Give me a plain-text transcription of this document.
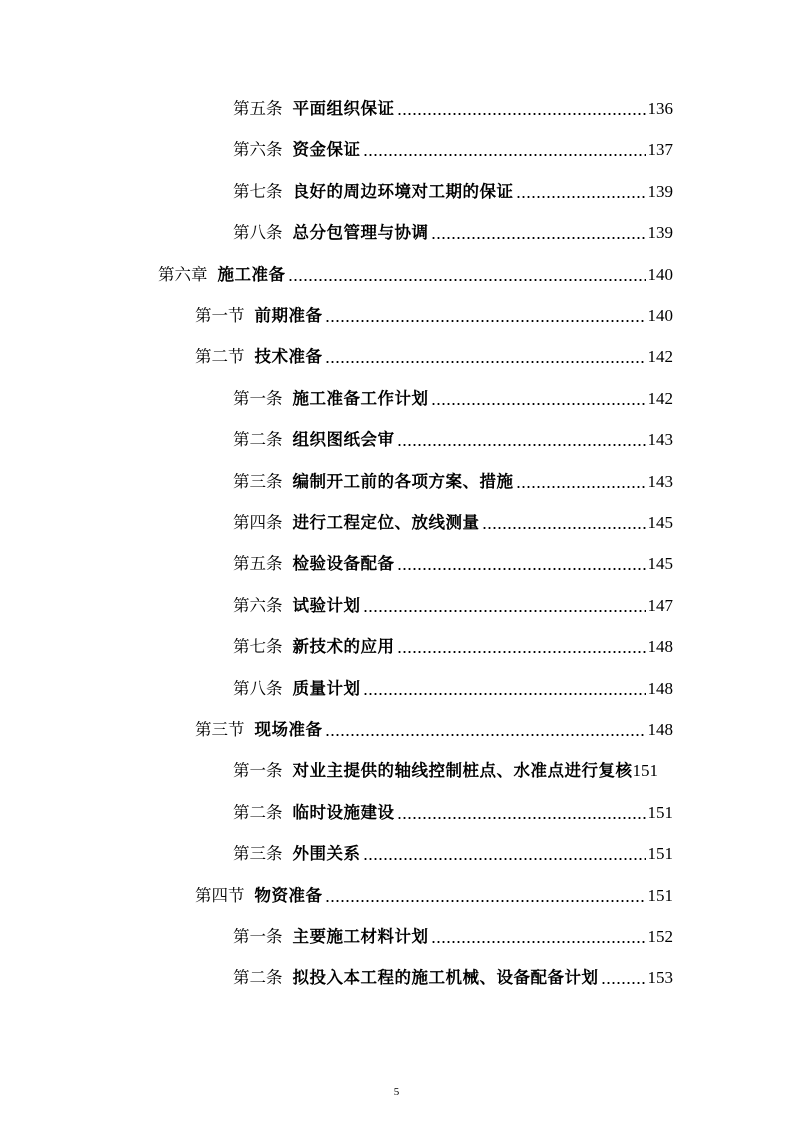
第五条 平面组织保证	136
第六条 资金保证	137
第七条 良好的周边环境对工期的保证	139
第八条 总分包管理与协调	139
第六章 施工准备	140
第一节 前期准备	140
第二节 技术准备	142
第一条 施工准备工作计划	142
第二条 组织图纸会审	143
第三条 编制开工前的各项方案、措施	143
第四条 进行工程定位、放线测量	145
第五条 检验设备配备	145
第六条 试验计划	147
第七条 新技术的应用	148
第八条 质量计划	148
第三节 现场准备	148
第一条 对业主提供的轴线控制桩点、水准点进行复核 151
第二条 临时设施建设	151
第三条 外围关系	151
第四节 物资准备	151
第一条 主要施工材料计划	152
第二条 拟投入本工程的施工机械、设备配备计划	153
5
